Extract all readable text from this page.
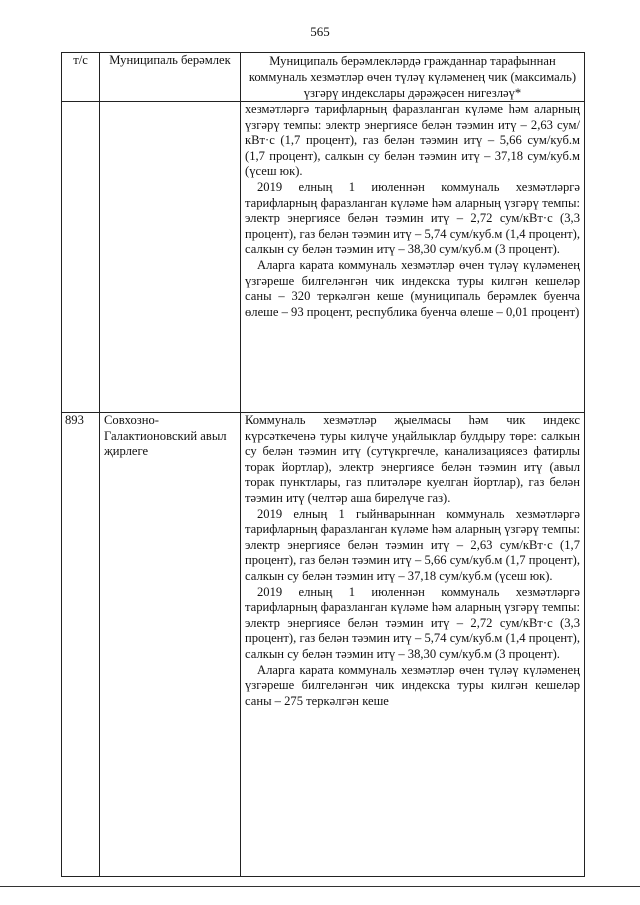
565
т/с	Муниципаль берәмлек	Муниципаль берәмлекләрдә гражданнар тарафыннан коммуналь хезмәтләр өчен түләү күләменең чик (максималь) үзгәрү индекслары дәрәҗәсен нигезләү*

		хезмәтләргә тарифларның фаразланган күләме һәм аларның үзгәрү темпы: электр энергиясе белән тәэмин итү – 2,63 сум/кВт·с (1,7 процент), газ белән тәэмин итү – 5,66 сум/куб.м (1,7 процент), салкын су белән тәэмин итү – 37,18 сум/куб.м (үсеш юк).

2019 елның 1 июленнән коммуналь хезмәтләргә тарифларның фаразланган күләме һәм аларның үзгәрү темпы: электр энергиясе белән тәэмин итү – 2,72 сум/кВт·с (3,3 процент), газ белән тәэмин итү – 5,74 сум/куб.м (1,4 процент), салкын су белән тәэмин итү – 38,30 сум/куб.м (3 процент).

Аларга карата коммуналь хезмәтләр өчен түләү күләменең үзгәреше билгеләнгән чик индекска туры килгән кешеләр саны – 320 теркәлгән кеше (муниципаль берәмлек буенча өлеше – 93 процент, республика буенча өлеше – 0,01 процент)

893	Совхозно-Галактионовский авыл җирлеге	Коммуналь хезмәтләр җыелмасы һәм чик индекс күрсәткеченә туры килүче уңайлыклар булдыру төре: салкын су белән тәэмин итү (сутүкргечле, канализациясез фатирлы торак йортлар), электр энергиясе белән тәэмин итү (авыл торак пунктлары, газ плитәләре куелган йортлар), газ белән тәэмин итү (челтәр аша бирелүче газ).

2019 елның 1 гыйнварыннан коммуналь хезмәтләргә тарифларның фаразланган күләме һәм аларның үзгәрү темпы: электр энергиясе белән тәэмин итү – 2,63 сум/кВт·с (1,7 процент), газ белән тәэмин итү – 5,66 сум/куб.м (1,7 процент), салкын су белән тәэмин итү – 37,18 сум/куб.м (үсеш юк).

2019 елның 1 июленнән коммуналь хезмәтләргә тарифларның фаразланган күләме һәм аларның үзгәрү темпы: электр энергиясе белән тәэмин итү – 2,72 сум/кВт·с (3,3 процент), газ белән тәэмин итү – 5,74 сум/куб.м (1,4 процент), салкын су белән тәэмин итү – 38,30 сум/куб.м (3 процент).

Аларга карата коммуналь хезмәтләр өчен түләү күләменең үзгәреше билгеләнгән чик индекска туры килгән кешеләр саны – 275 теркәлгән кеше
